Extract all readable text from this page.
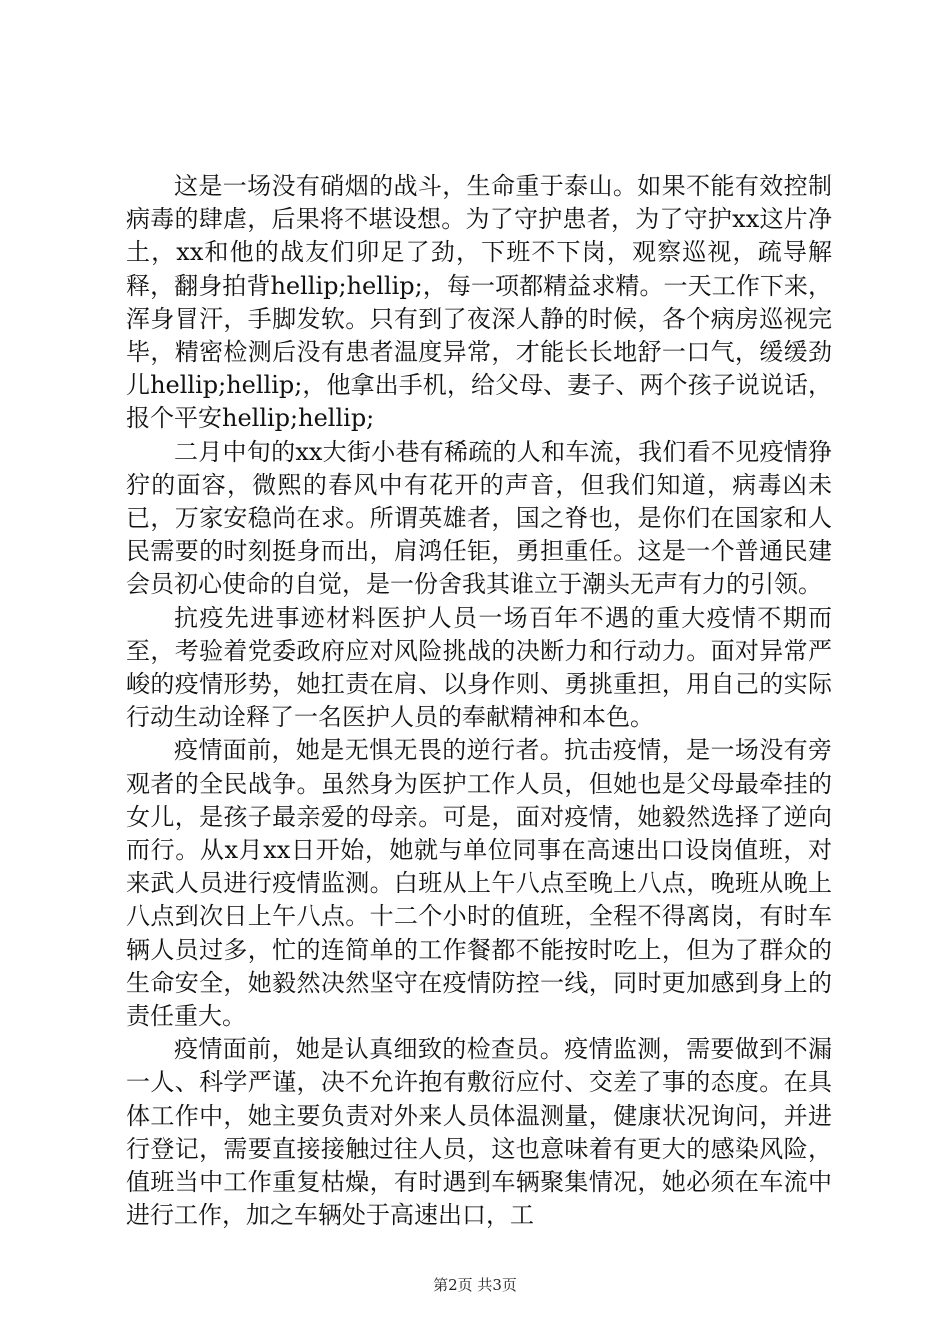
这是一场没有硝烟的战斗，生命重于泰山。如果不能有效控制病毒的肆虐，后果将不堪设想。为了守护患者，为了守护xx这片净土，xx和他的战友们卯足了劲，下班不下岗，观察巡视，疏导解释，翻身拍背hellip;hellip;，每一项都精益求精。一天工作下来，浑身冒汗，手脚发软。只有到了夜深人静的时候，各个病房巡视完毕，精密检测后没有患者温度异常，才能长长地舒一口气，缓缓劲儿hellip;hellip;，他拿出手机，给父母、妻子、两个孩子说说话，报个平安hellip;hellip;

二月中旬的xx大街小巷有稀疏的人和车流，我们看不见疫情狰狞的面容，微熙的春风中有花开的声音，但我们知道，病毒凶未已，万家安稳尚在求。所谓英雄者，国之脊也，是你们在国家和人民需要的时刻挺身而出，肩鸿任钜，勇担重任。这是一个普通民建会员初心使命的自觉，是一份舍我其谁立于潮头无声有力的引领。

抗疫先进事迹材料医护人员一场百年不遇的重大疫情不期而至，考验着党委政府应对风险挑战的决断力和行动力。面对异常严峻的疫情形势，她扛责在肩、以身作则、勇挑重担，用自己的实际行动生动诠释了一名医护人员的奉献精神和本色。

疫情面前，她是无惧无畏的逆行者。抗击疫情，是一场没有旁观者的全民战争。虽然身为医护工作人员，但她也是父母最牵挂的女儿，是孩子最亲爱的母亲。可是，面对疫情，她毅然选择了逆向而行。从x月xx日开始，她就与单位同事在高速出口设岗值班，对来武人员进行疫情监测。白班从上午八点至晚上八点，晚班从晚上八点到次日上午八点。十二个小时的值班，全程不得离岗，有时车辆人员过多，忙的连简单的工作餐都不能按时吃上，但为了群众的生命安全，她毅然决然坚守在疫情防控一线，同时更加感到身上的责任重大。

疫情面前，她是认真细致的检查员。疫情监测，需要做到不漏一人、科学严谨，决不允许抱有敷衍应付、交差了事的态度。在具体工作中，她主要负责对外来人员体温测量，健康状况询问，并进行登记，需要直接接触过往人员，这也意味着有更大的感染风险，值班当中工作重复枯燥，有时遇到车辆聚集情况，她必须在车流中进行工作，加之车辆处于高速出口，工

第2页 共3页
